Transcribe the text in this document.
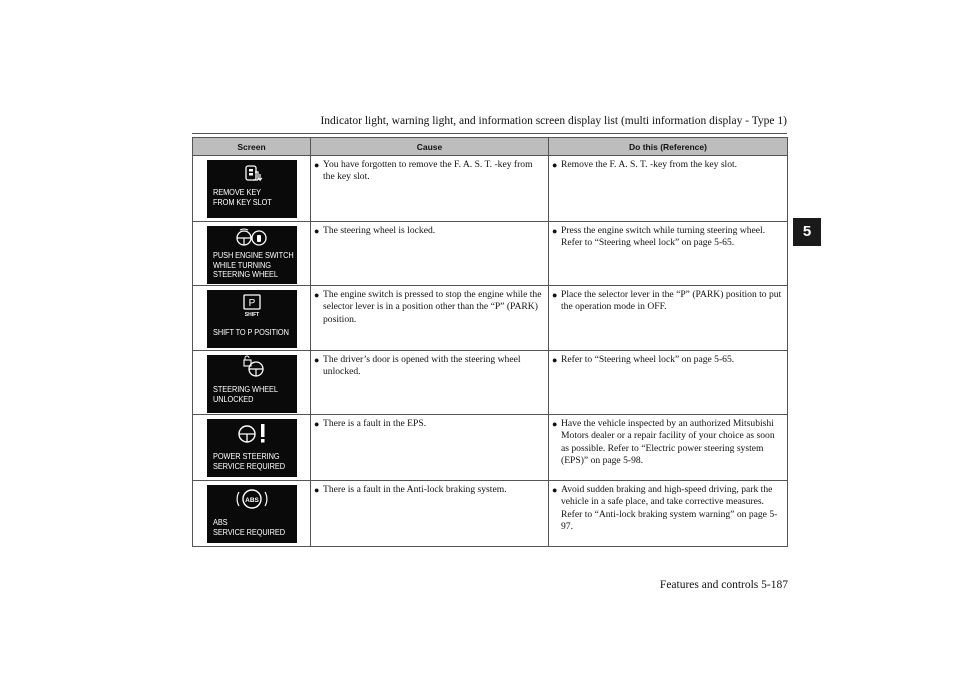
Indicator light, warning light, and information screen display list (multi information display - Type 1)
5
Screen	Cause	Do this (Reference)

REMOVE KEY
FROM KEY SLOT	● You have forgotten to remove the F. A. S. T. -key from the key slot.	● Remove the F. A. S. T. -key from the key slot.

PUSH ENGINE SWITCH
WHILE TURNING
STEERING WHEEL	● The steering wheel is locked.	● Press the engine switch while turning steering wheel. Refer to “Steering wheel lock” on page 5-65.

P
SHIFT
SHIFT TO P POSITION	● The engine switch is pressed to stop the engine while the selector lever is in a position other than the “P” (PARK) position.	● Place the selector lever in the “P” (PARK) position to put the operation mode in OFF.

STEERING WHEEL
UNLOCKED	● The driver’s door is opened with the steering wheel unlocked.	● Refer to “Steering wheel lock” on page 5-65.

POWER STEERING
SERVICE REQUIRED	● There is a fault in the EPS.	● Have the vehicle inspected by an authorized Mitsubishi Motors dealer or a repair facility of your choice as soon as possible. Refer to “Electric power steering system (EPS)” on page 5-98.

ABS
ABS
SERVICE REQUIRED	● There is a fault in the Anti-lock braking system.	● Avoid sudden braking and high-speed driving, park the vehicle in a safe place, and take corrective measures. Refer to “Anti-lock braking system warning” on page 5-97.
Features and controls 5-187
